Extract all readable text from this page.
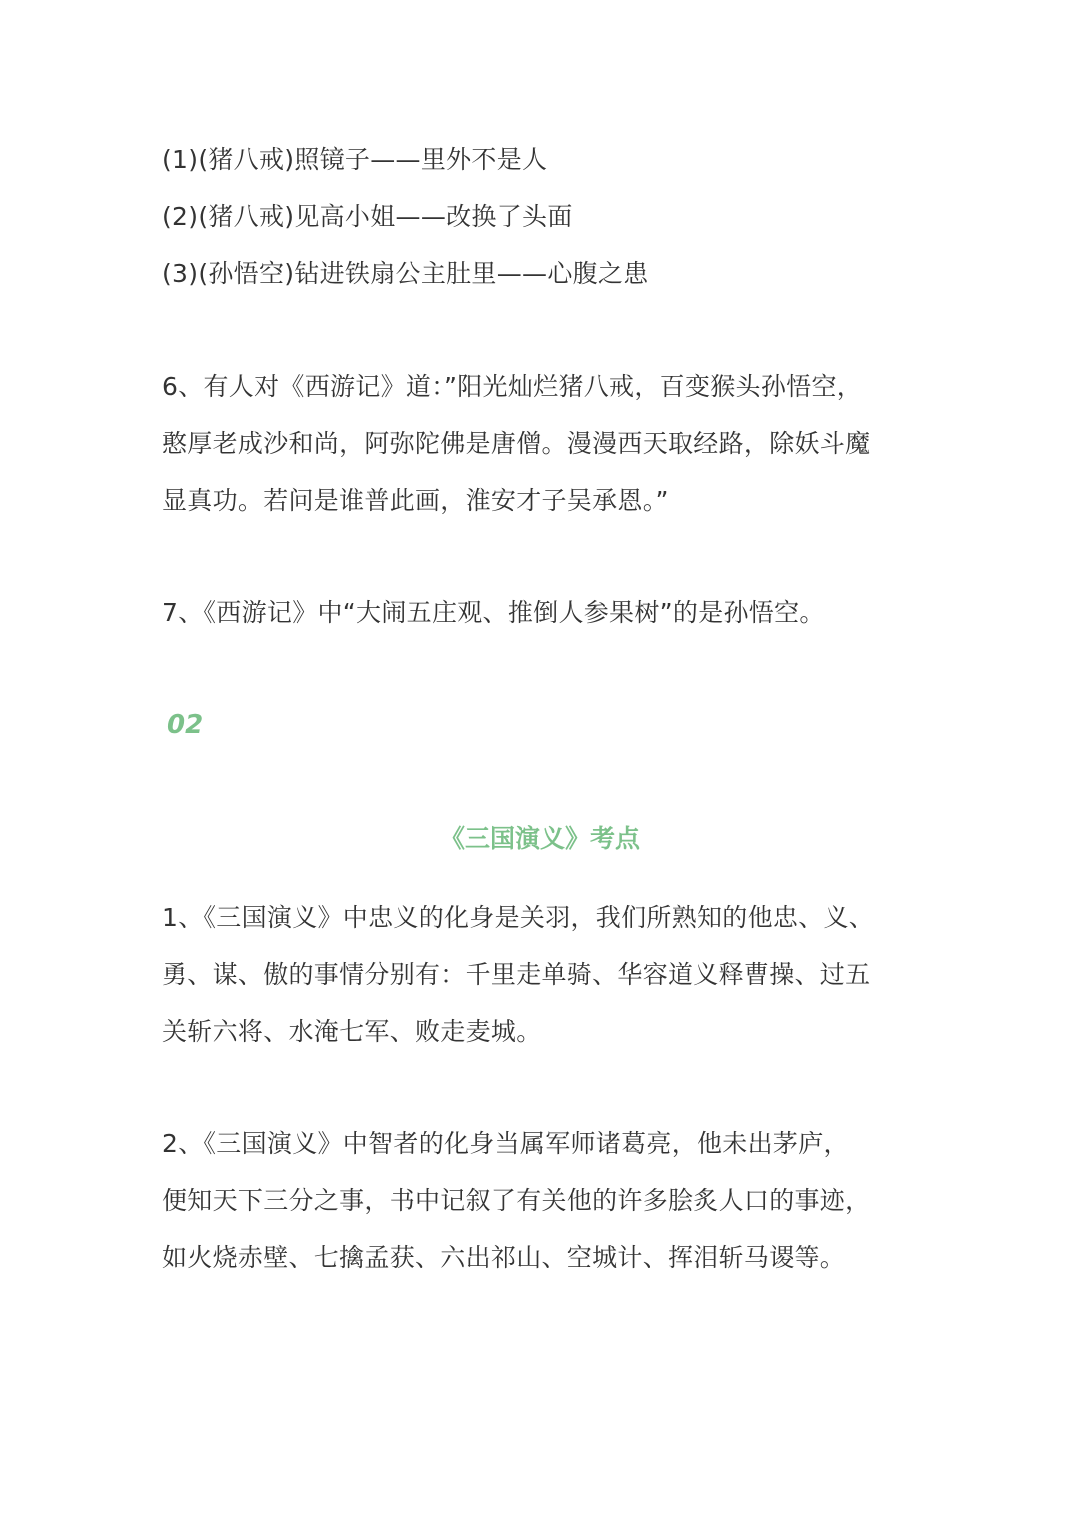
(1)(猪八戒)照镜子——里外不是人
(2)(猪八戒)见高小姐——改换了头面
(3)(孙悟空)钻进铁扇公主肚里——心腹之患
6、有人对《西游记》道：”阳光灿烂猪八戒，百变猴头孙悟空，
憨厚老成沙和尚，阿弥陀佛是唐僧。漫漫西天取经路，除妖斗魔
显真功。若问是谁普此画，淮安才子吴承恩。”
7、《西游记》中“大闹五庄观、推倒人参果树”的是孙悟空。
02
《三国演义》考点
1、《三国演义》中忠义的化身是关羽，我们所熟知的他忠、义、
勇、谋、傲的事情分别有：千里走单骑、华容道义释曹操、过五
关斩六将、水淹七军、败走麦城。
2、《三国演义》中智者的化身当属军师诸葛亮，他未出茅庐，
便知天下三分之事，书中记叙了有关他的许多脍炙人口的事迹，
如火烧赤壁、七擒孟获、六出祁山、空城计、挥泪斩马谡等。
